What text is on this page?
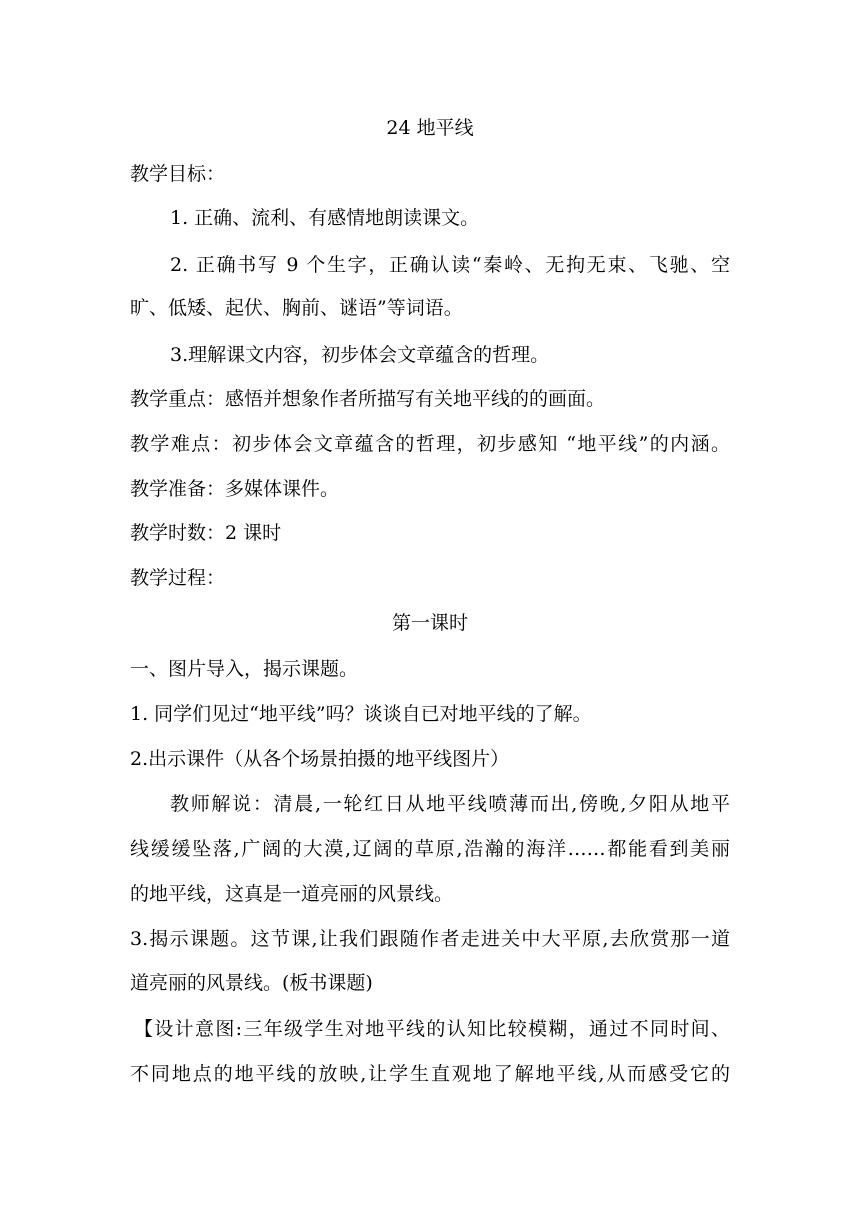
24 地平线
教学目标：
1. 正确、流利、有感情地朗读课文。
2. 正确书写 9 个生字，正确认读“秦岭、无拘无束、飞驰、空
旷、低矮、起伏、胸前、谜语”等词语。
3.理解课文内容，初步体会文章蕴含的哲理。
教学重点：感悟并想象作者所描写有关地平线的的画面。
教学难点：初步体会文章蕴含的哲理，初步感知 “地平线”的内涵。
教学准备：多媒体课件。
教学时数：2 课时
教学过程：
第一课时
一、图片导入，揭示课题。
1. 同学们见过“地平线”吗？谈谈自已对地平线的了解。
2.出示课件（从各个场景拍摄的地平线图片）
教师解说：清晨,一轮红日从地平线喷薄而出,傍晚,夕阳从地平
线缓缓坠落,广阔的大漠,辽阔的草原,浩瀚的海洋……都能看到美丽
的地平线，这真是一道亮丽的风景线。
3.揭示课题。这节课,让我们跟随作者走进关中大平原,去欣赏那一道
道亮丽的风景线。(板书课题)
【设计意图:三年级学生对地平线的认知比较模糊，通过不同时间、
不同地点的地平线的放映,让学生直观地了解地平线,从而感受它的
